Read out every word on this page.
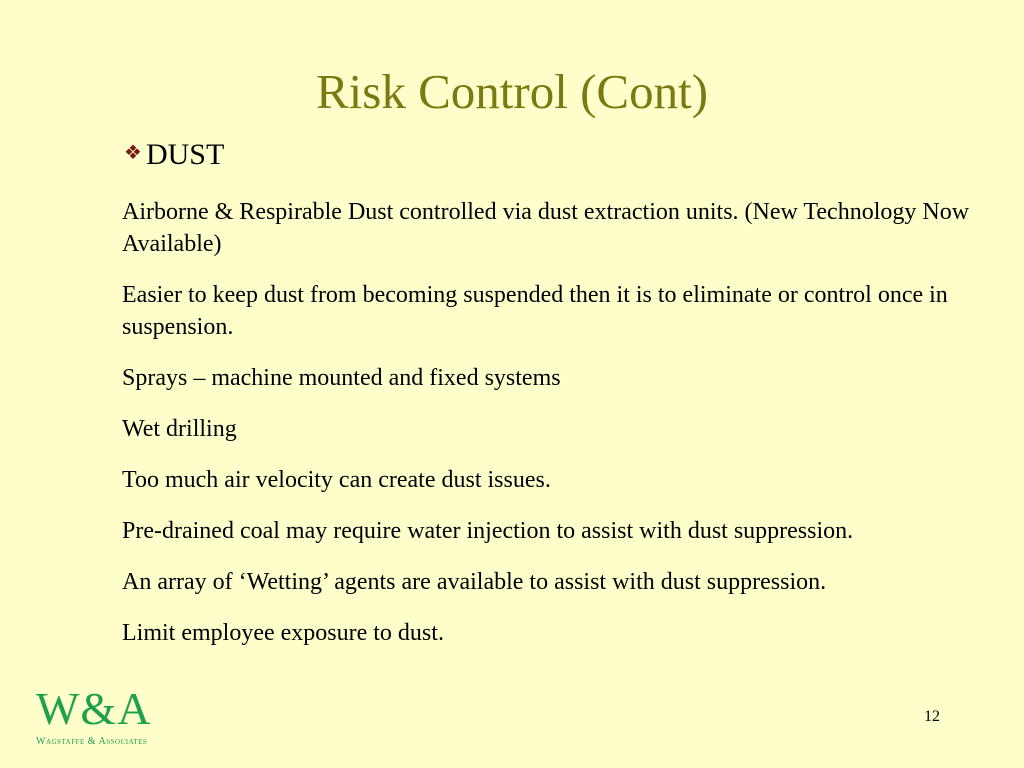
Risk Control (Cont)
❖ DUST

Airborne & Respirable Dust controlled via dust extraction units. (New Technology Now Available)

Easier to keep dust from becoming suspended then it is to eliminate or control once in suspension.

Sprays – machine mounted and fixed systems

Wet drilling

Too much air velocity can create dust issues.

Pre-drained coal may require water injection to assist with dust suppression.

An array of ‘Wetting’ agents are available to assist with dust suppression.

Limit employee exposure to dust.

W&A
Wagstaffe & Associates
12
